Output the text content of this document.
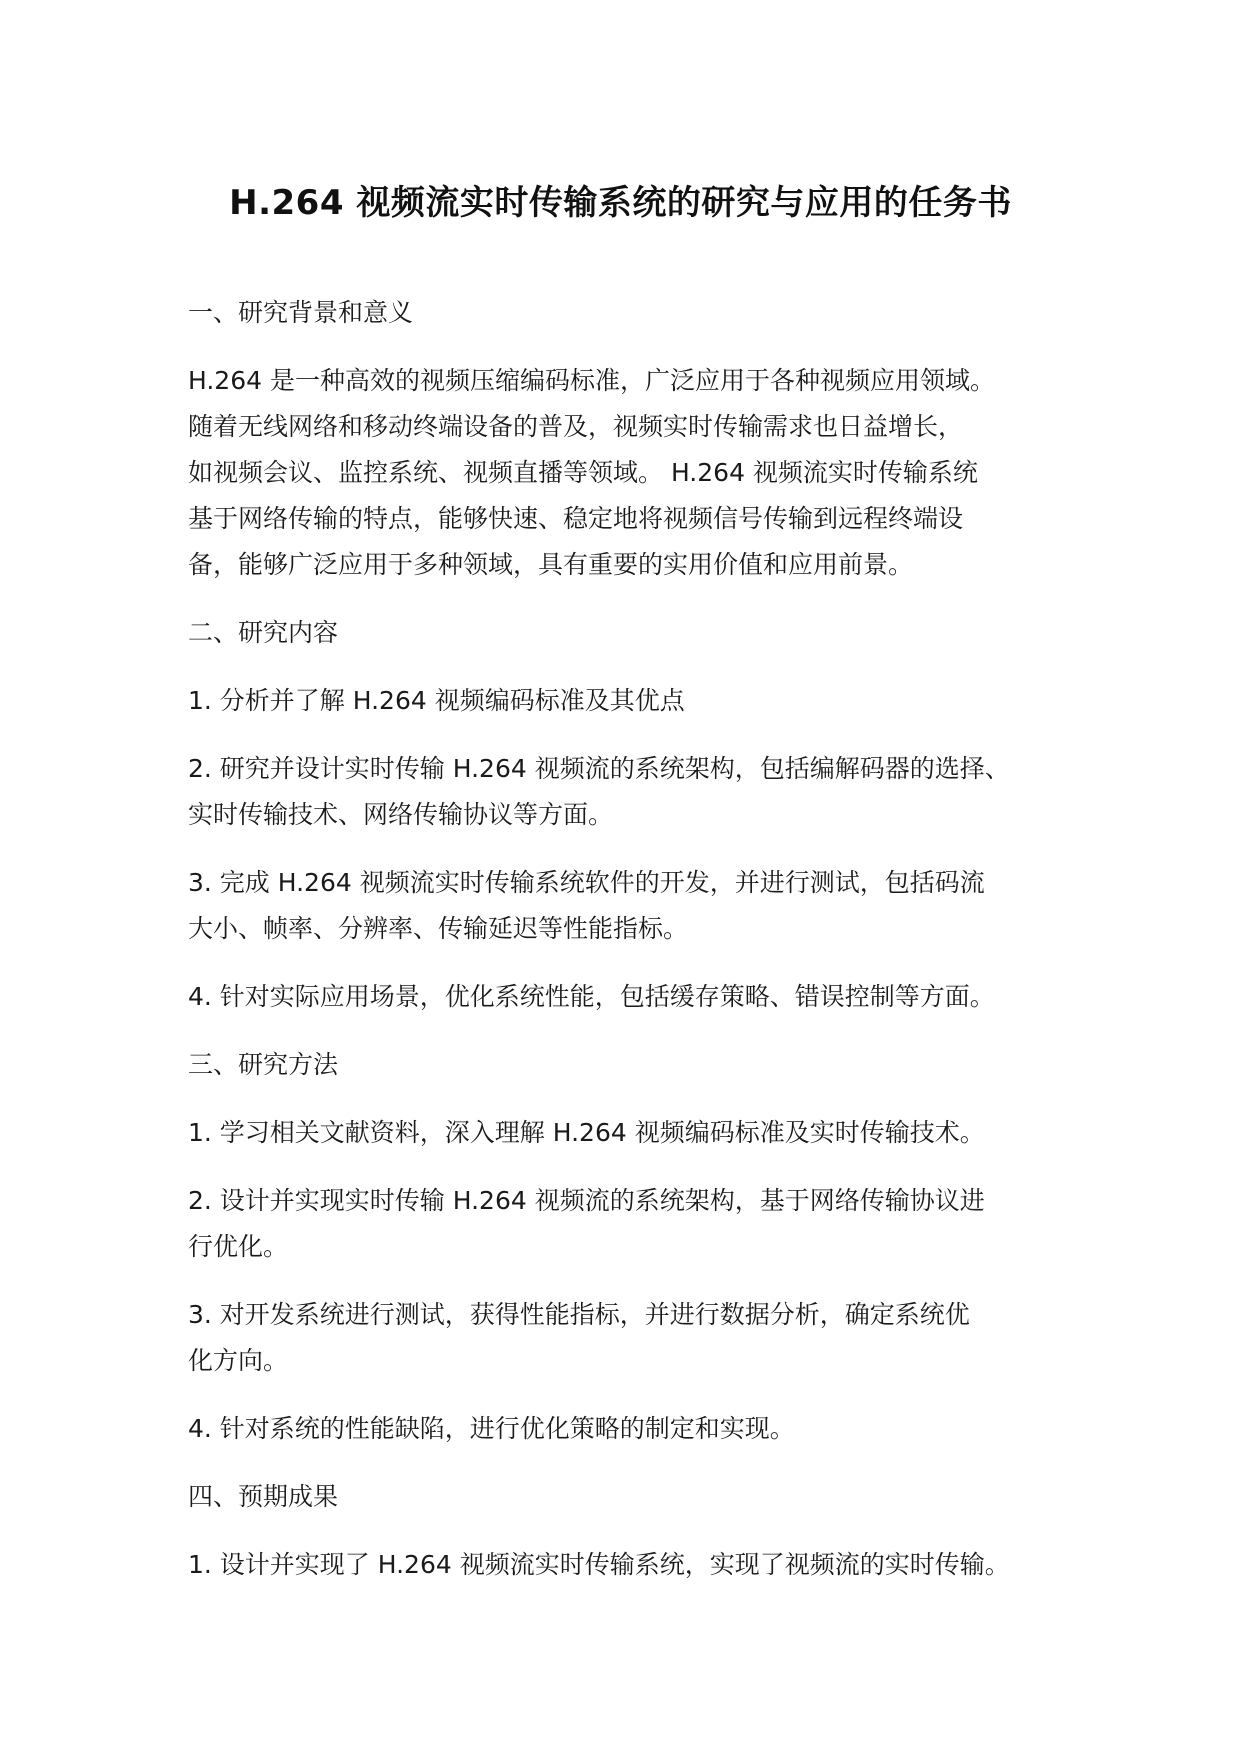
H.264 视频流实时传输系统的研究与应用的任务书

一、研究背景和意义

H.264 是一种高效的视频压缩编码标准，广泛应用于各种视频应用领域。
随着无线网络和移动终端设备的普及，视频实时传输需求也日益增长，
如视频会议、监控系统、视频直播等领域。 H.264 视频流实时传输系统
基于网络传输的特点，能够快速、稳定地将视频信号传输到远程终端设
备，能够广泛应用于多种领域，具有重要的实用价值和应用前景。

二、研究内容

1. 分析并了解 H.264 视频编码标准及其优点

2. 研究并设计实时传输 H.264 视频流的系统架构，包括编解码器的选择、
实时传输技术、网络传输协议等方面。

3. 完成 H.264 视频流实时传输系统软件的开发，并进行测试，包括码流
大小、帧率、分辨率、传输延迟等性能指标。

4. 针对实际应用场景，优化系统性能，包括缓存策略、错误控制等方面。

三、研究方法

1. 学习相关文献资料，深入理解 H.264 视频编码标准及实时传输技术。

2. 设计并实现实时传输 H.264 视频流的系统架构，基于网络传输协议进
行优化。

3. 对开发系统进行测试，获得性能指标，并进行数据分析，确定系统优
化方向。

4. 针对系统的性能缺陷，进行优化策略的制定和实现。

四、预期成果

1. 设计并实现了 H.264 视频流实时传输系统，实现了视频流的实时传输。
